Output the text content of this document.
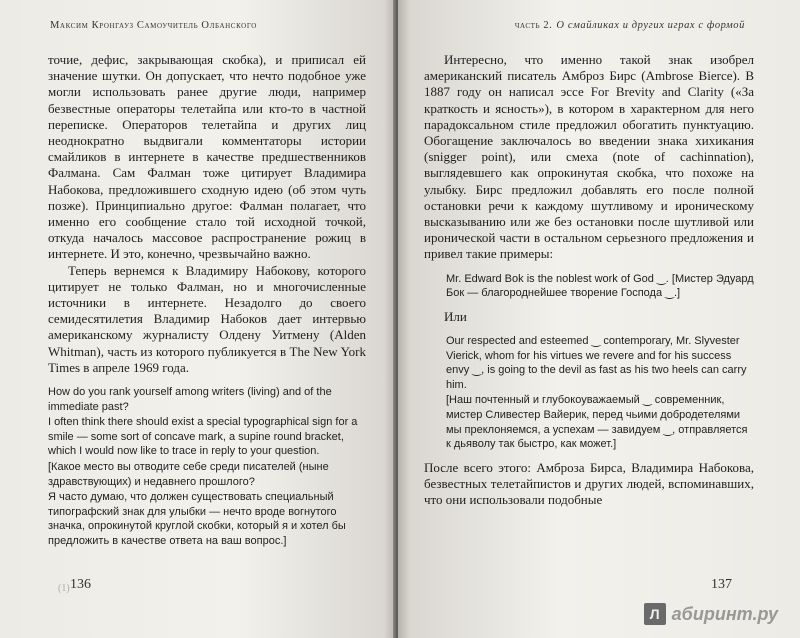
Максим Кронгауз Самоучитель Олбанского

точие, дефис, закрывающая скобка), и приписал ей значение шутки. Он допускает, что нечто подобное уже могли использовать ранее другие люди, например безвестные операторы телетайпа или кто-то в частной переписке. Операторов телетайпа и других лиц неоднократно выдвигали комментаторы истории смайликов в интернете в качестве предшественников Фалмана. Сам Фалман тоже цитирует Владимира Набокова, предложившего сходную идею (об этом чуть позже). Принципиально другое: Фалман полагает, что именно его сообщение стало той исходной точкой, откуда началось массовое распространение рожиц в интернете. И это, конечно, чрезвычайно важно.

Теперь вернемся к Владимиру Набокову, которого цитирует не только Фалман, но и многочисленные источники в интернете. Незадолго до своего семидесятилетия Владимир Набоков дает интервью американскому журналисту Олдену Уитмену (Alden Whitman), часть из которого публикуется в The New York Times в апреле 1969 года.

How do you rank yourself among writers (living) and of the immediate past?

I often think there should exist a special typographical sign for a smile — some sort of concave mark, a supine round bracket, which I would now like to trace in reply to your question.

[Какое место вы отводите себе среди писателей (ныне здравствующих) и недавнего прошлого?

Я часто думаю, что должен существовать специальный типографский знак для улыбки — нечто вроде вогнутого значка, опрокинутой круглой скобки, который я и хотел бы предложить в качестве ответа на ваш вопрос.]

(1) 136
часть 2. О смайликах и других играх с формой

Интересно, что именно такой знак изобрел американский писатель Амброз Бирс (Ambrose Bierce). В 1887 году он написал эссе For Brevity and Clarity («За краткость и ясность»), в котором в характерном для него парадоксальном стиле предложил обогатить пунктуацию. Обогащение заключалось во введении знака хихикания (snigger point), или смеха (note of cachinnation), выглядевшего как опрокинутая скобка, что похоже на улыбку. Бирс предложил добавлять его после полной остановки речи к каждому шутливому и ироническому высказыванию или же без остановки после шутливой или иронической части в остальном серьезного предложения и привел такие примеры:

Mr. Edward Bok is the noblest work of God ‿. [Мистер Эдуард Бок — благороднейшее творение Господа ‿.]

Или

Our respected and esteemed ‿ contemporary, Mr. Slyvester Vierick, whom for his virtues we revere and for his success envy ‿, is going to the devil as fast as his two heels can carry him.

[Наш почтенный и глубокоуважаемый ‿ современник, мистер Сливестер Вайерик, перед чьими добродетелями мы преклоняемся, а успехам — завидуем ‿, отправляется к дьяволу так быстро, как может.]

После всего этого: Амброза Бирса, Владимира Набокова, безвестных телетайпистов и других людей, вспоминавших, что они использовали подобные

137
Л абиринт.ру
